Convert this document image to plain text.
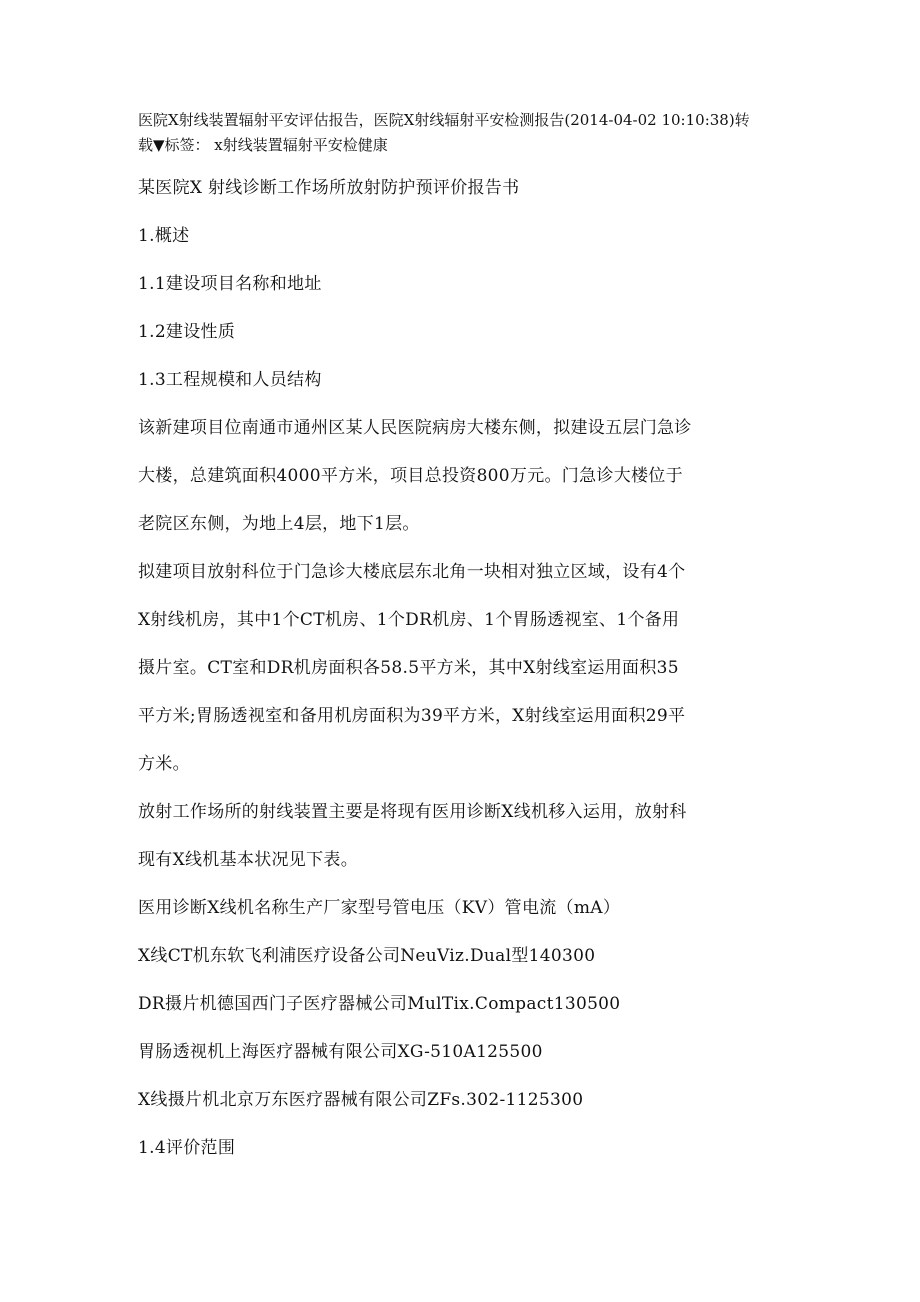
医院X射线装置辐射平安评估报告，医院X射线辐射平安检测报告(2014-04-02 10:10:38)转

载▼标签： x射线装置辐射平安检健康

某医院X 射线诊断工作场所放射防护预评价报告书

1.概述

1.1建设项目名称和地址

1.2建设性质

1.3工程规模和人员结构

该新建项目位南通市通州区某人民医院病房大楼东侧，拟建设五层门急诊

大楼，总建筑面积4000平方米，项目总投资800万元。门急诊大楼位于

老院区东侧，为地上4层，地下1层。

拟建项目放射科位于门急诊大楼底层东北角一块相对独立区域，设有4个

X射线机房，其中1个CT机房、1个DR机房、1个胃肠透视室、1个备用

摄片室。CT室和DR机房面积各58.5平方米，其中X射线室运用面积35

平方米;胃肠透视室和备用机房面积为39平方米，X射线室运用面积29平

方米。

放射工作场所的射线装置主要是将现有医用诊断X线机移入运用，放射科

现有X线机基本状况见下表。

医用诊断X线机名称生产厂家型号管电压（KV）管电流（mA）

X线CT机东软飞利浦医疗设备公司NeuViz.Dual型140300

DR摄片机德国西门子医疗器械公司MulTix.Compact130500

胃肠透视机上海医疗器械有限公司XG-510A125500

X线摄片机北京万东医疗器械有限公司ZFs.302-1125300

1.4评价范围
